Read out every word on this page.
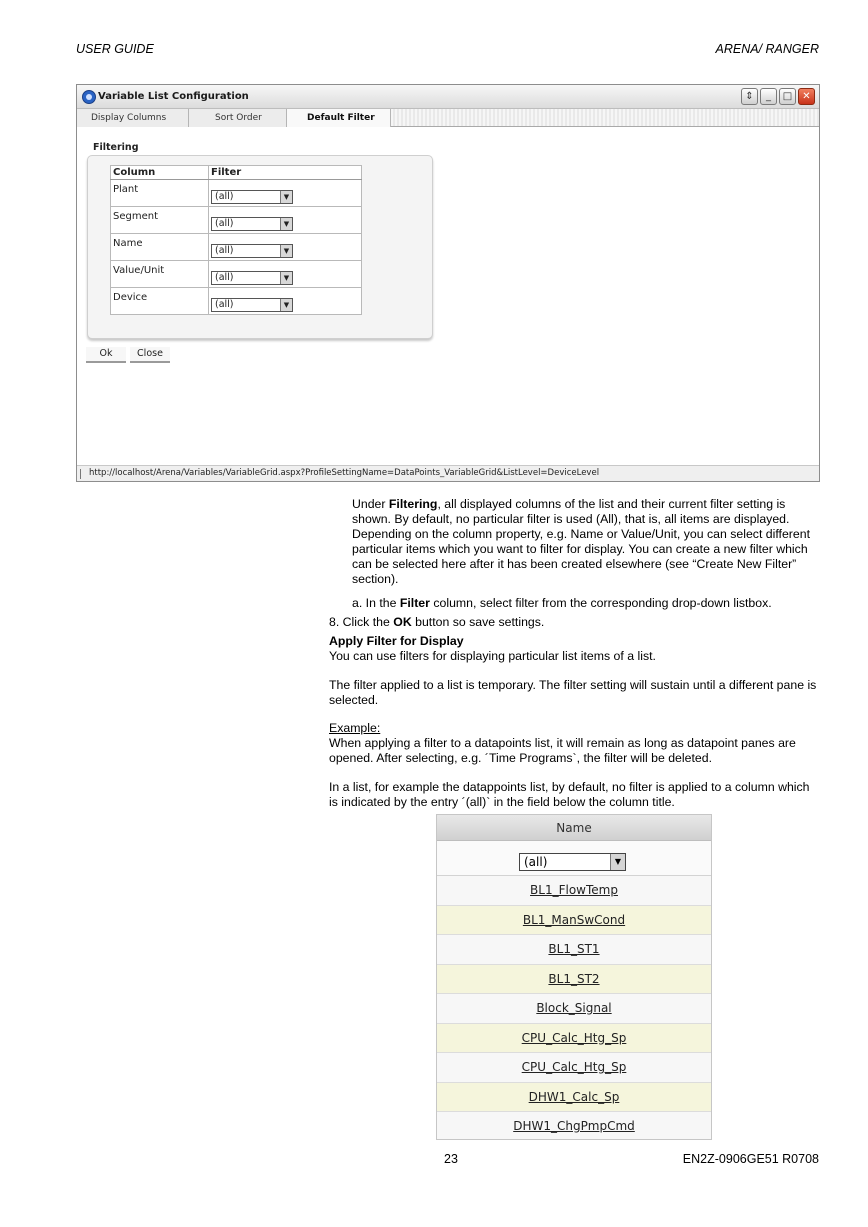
USER GUIDE	ARENA/ RANGER
Variable List Configuration	⇕	_	□	✕
Display Columns	Sort Order	Default Filter
Filtering
Column	Filter
Plant	(all) ▼

Segment	(all) ▼

Name	(all) ▼

Value/Unit	(all) ▼

Device	(all) ▼
Ok	Close
http://localhost/Arena/Variables/VariableGrid.aspx?ProfileSettingName=DataPoints_VariableGrid&ListLevel=DeviceLevel
Under Filtering, all displayed columns of the list and their current filter setting is shown. By default, no particular filter is used (All), that is, all items are displayed. Depending on the column property, e.g. Name or Value/Unit, you can select different particular items which you want to filter for display. You can create a new filter which can be selected here after it has been created elsewhere (see “Create New Filter” section).
a. In the Filter column, select filter from the corresponding drop-down listbox.
8. Click the OK button so save settings.
Apply Filter for Display
You can use filters for displaying particular list items of a list.
The filter applied to a list is temporary. The filter setting will sustain until a different pane is selected.
Example:
When applying a filter to a datapoints list, it will remain as long as datapoint panes are opened. After selecting, e.g. ´Time Programs`, the filter will be deleted.
In a list, for example the datappoints list, by default, no filter is applied to a column which is indicated by the entry ´(all)` in the field below the column title.
Name
(all)	▼
BL1_FlowTemp
BL1_ManSwCond
BL1_ST1
BL1_ST2
Block_Signal
CPU_Calc_Htg_Sp
CPU_Calc_Htg_Sp
DHW1_Calc_Sp
DHW1_ChgPmpCmd
23	EN2Z-0906GE51 R0708
